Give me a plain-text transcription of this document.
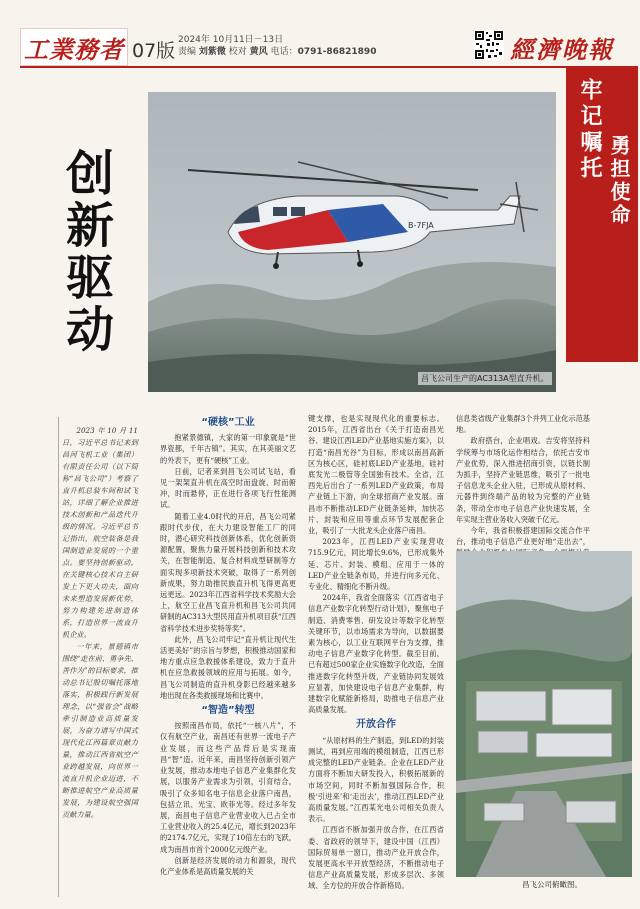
工業務者 07版 2024年 10月11日－13日
责编 刘紫微 校对 黄风 电话：0791-86821890	經濟晚報
牢记嘱托 勇担使命
创
新
驱
动
B-7FJA
昌飞公司生产的AC313A型直升机。

2023年10月11日，习近平总书记来到昌河飞机工业（集团）有限责任公司（以下简称“昌飞公司”）考察了直升机总装车间和试飞站，详细了解企业推进技术创新和产品迭代升级的情况。习近平总书记指出，航空装备是我国制造业发展的一个重点。要坚持创新驱动，在关键核心技术自主研发上下更大功夫，面向未来塑造发展新优势，努力构建先进制造体系，打造世界一流直升机企业。

一年来，景德镇市围绕“走在前、勇争先、善作为”的目标要求，推动总书记殷切嘱托落地落实，积极践行新发展理念，以“强省会”战略牵引制造业高质量发展，为奋力谱写中国式现代化江西篇章贡献力量，推动江西省航空产业跨越发展，向世界一流直升机企业迈进，不断推进航空产业高质量发展，为建设航空强国贡献力量。

“硬核”工业

抱紧景德镇，大家的第一印象就是“世界瓷都，千年古镇”。其实，在其美丽文艺的外表下，更有“硬核”工业。

日前，记者来到昌飞公司试飞站，看见一架架直升机在高空时而盘旋、时而俯冲，时而悬停，正在进行各项飞行性能测试。

随着工业4.0时代的开启，昌飞公司紧跟时代步伐，在大力建设智能工厂的同时，潜心研究科技创新体系，优化创新资源配置，聚焦力量开展科技创新和技术攻关，在智能制造、复合材料成型研制等方面实现多项新技术突破，取得了一系列创新成果，努力助推民族直升机飞得更高更远更远。2023年江西省科学技术奖励大会上，航空工业昌飞直升机和昌飞公司共同研制的AC313大型民用直升机项目获“江西省科学技术进步奖特等奖”。

此外，昌飞公司牢记“直升机让现代生活更美好”的宗旨与梦想，积极推动国家和地方重点应急救援体系建设，致力于直升机在应急救援领域的应用与拓展。如今，昌飞公司制造的直升机身影已经越来越多地出现在各类救援现场和比赛中。

“智造”转型

按照南昌布局，依托“一核八片”，不仅有航空产业，南昌还有世界一流电子产业发展，而这些产品背后是实现南昌“智”造。近年来，南昌坚持创新引领产业发展，推动本地电子信息产业集群化发展，以服务产业需求为引领，引育结合，吸引了众多知名电子信息企业落户南昌，包括立讯、光宝、欧菲光等。经过多年发展，南昌电子信息产业营业收入已占全市工业营业收入的25.4亿元，增长到2023年的2174.7亿元，实现了10倍左右的飞跃，成为南昌市首个2000亿元级产业。

创新是经济发展的动力和源泉，现代化产业体系是高质量发展的关

键支撑，也是实现现代化的重要标志。2015年，江西省出台《关于打造南昌光谷、建设江西LED产业基地实施方案》，以打造“南昌光谷”为目标，形成以南昌高新区为核心区，硅衬底LED产业基地，硅衬底发光二极管等全国独有技术。全省，江西先后出台了一系列LED产业政策，布局产业链上下游，向全球招商产业发展。南昌市不断推动LED产业链条延伸，加快芯片、封装和应用等重点环节发展配套企业，吸引了一大批龙头企业落户南昌。

2023年，江西LED产业实现营收715.9亿元，同比增长9.6%，已形成集外延、芯片、封装、模组、应用于一体的LED产业全链条布局，并进行向多元化、专业化、精细化不断升级。

2024年，我省全面落实《江西省电子信息产业数字化转型行动计划》，聚焦电子制造、消费零售、研发设计等数字化转型关键环节，以市场需求为导向，以数据要素为核心，以工业互联网平台为支撑，推动电子信息产业数字化转型。截至目前，已有超过500家企业实施数字化改造，全面推进数字化转型升级，产业链协同发展效应显著，加快建设电子信息产业集群，构建数字化赋能新格局，助推电子信息产业高质量发展。

开放合作

“从原材料的生产制造，到LED的封装测试，再到应用端的模组制造，江西已形成完整的LED产业链条。企业在LED产业方面将不断加大研发投入，积极拓展新的市场空间，同时不断加强国际合作，积极‘引进来’和‘走出去’，推动江西LED产业高质量发展。”江西某光电公司相关负责人表示。

江西省不断加强开放合作，在江西省委、省政府的领导下，建设中国（江西）国际贸易单一窗口，推动产业开放合作，发展更高水平开放型经济，不断推动电子信息产业高质量发展，形成多层次、多领域、全方位的开放合作新格局。

信息类省级产业集群3个并列工业化示范基地。

政府搭台，企业唱戏。吉安将坚持科学统筹与市场化运作相结合，依托吉安市产业优势，深入推进招商引资，以链长制为抓手，坚持产业链思维，吸引了一批电子信息龙头企业入驻，已形成从原材料、元器件到终端产品的较为完整的产业链条，带动全市电子信息产业快速发展，全年实现主营业务收入突破千亿元。

今年，我省积极搭建国际交流合作平台，推动电子信息产业更好地“走出去”，

昌飞公司俯瞰图。
